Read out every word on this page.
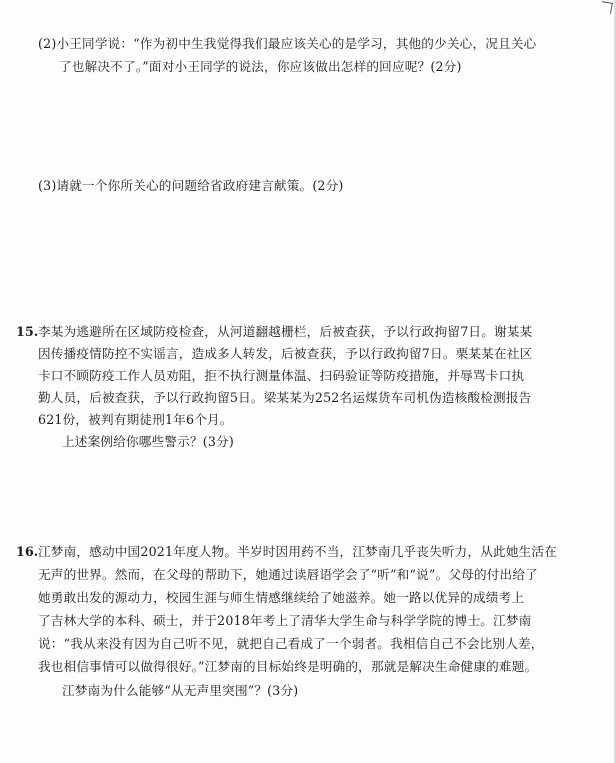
(2)小王同学说：“作为初中生我觉得我们最应该关心的是学习，其他的少关心，况且关心
了也解决不了。”面对小王同学的说法，你应该做出怎样的回应呢？(2分)
(3)请就一个你所关心的问题给省政府建言献策。(2分)
15. 李某为逃避所在区域防疫检查，从河道翻越栅栏，后被查获，予以行政拘留7日。谢某某
因传播疫情防控不实谣言，造成多人转发，后被查获，予以行政拘留7日。栗某某在社区
卡口不顾防疫工作人员劝阻，拒不执行测量体温、扫码验证等防疫措施，并辱骂卡口执
勤人员，后被查获，予以行政拘留5日。梁某某为252名运煤货车司机伪造核酸检测报告
621份，被判有期徒刑1年6个月。
上述案例给你哪些警示？(3分)
16. 江梦南，感动中国2021年度人物。半岁时因用药不当，江梦南几乎丧失听力，从此她生活在
无声的世界。然而，在父母的帮助下，她通过读唇语学会了“听”和“说”。父母的付出给了
她勇敢出发的源动力，校园生涯与师生情感继续给了她滋养。她一路以优异的成绩考上
了吉林大学的本科、硕士，并于2018年考上了清华大学生命与科学学院的博士。江梦南
说：“我从来没有因为自己听不见，就把自己看成了一个弱者。我相信自己不会比别人差，
我也相信事情可以做得很好。”江梦南的目标始终是明确的，那就是解决生命健康的难题。
江梦南为什么能够“从无声里突围”？(3分)
